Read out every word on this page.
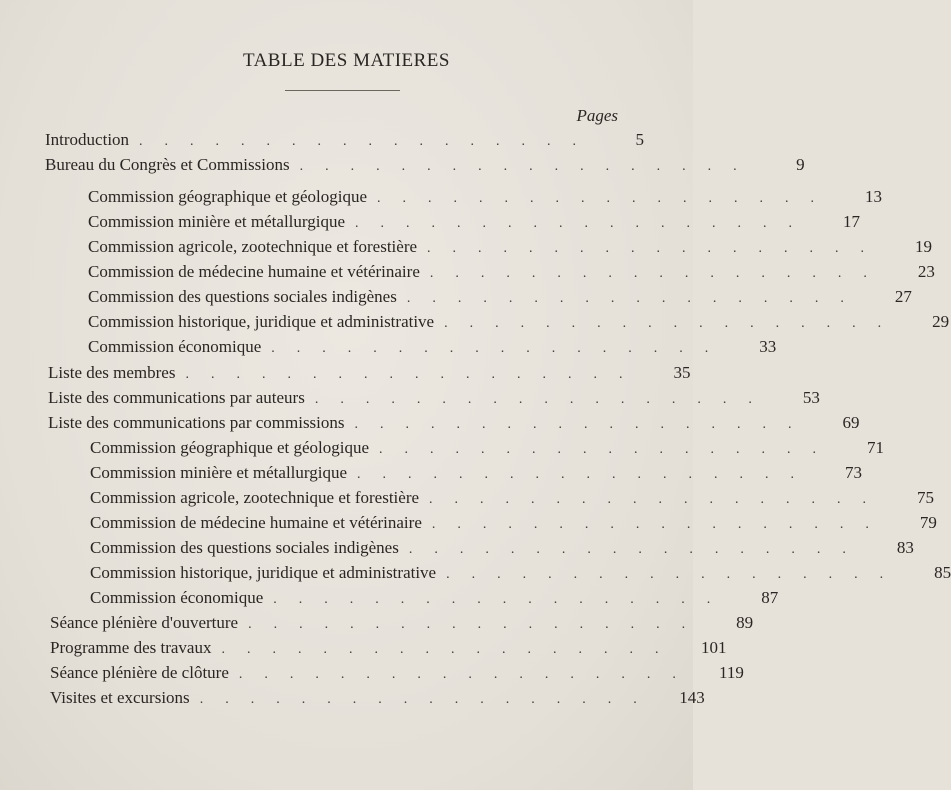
TABLE DES MATIERES
Pages
Introduction ..................	5
Bureau du Congrès et Commissions ..................	9
Commission géographique et géologique ..................	13
Commission minière et métallurgique ..................	17
Commission agricole, zootechnique et forestière ..................	19
Commission de médecine humaine et vétérinaire ..................	23
Commission des questions sociales indigènes ..................	27
Commission historique, juridique et administrative ..................	29
Commission économique ..................	33
Liste des membres ..................	35
Liste des communications par auteurs ..................	53
Liste des communications par commissions ..................	69
Commission géographique et géologique ..................	71
Commission minière et métallurgique ..................	73
Commission agricole, zootechnique et forestière ..................	75
Commission de médecine humaine et vétérinaire ..................	79
Commission des questions sociales indigènes ..................	83
Commission historique, juridique et administrative ..................	85
Commission économique ..................	87
Séance plénière d'ouverture ..................	89
Programme des travaux ..................	101
Séance plénière de clôture ..................	119
Visites et excursions ..................	143
